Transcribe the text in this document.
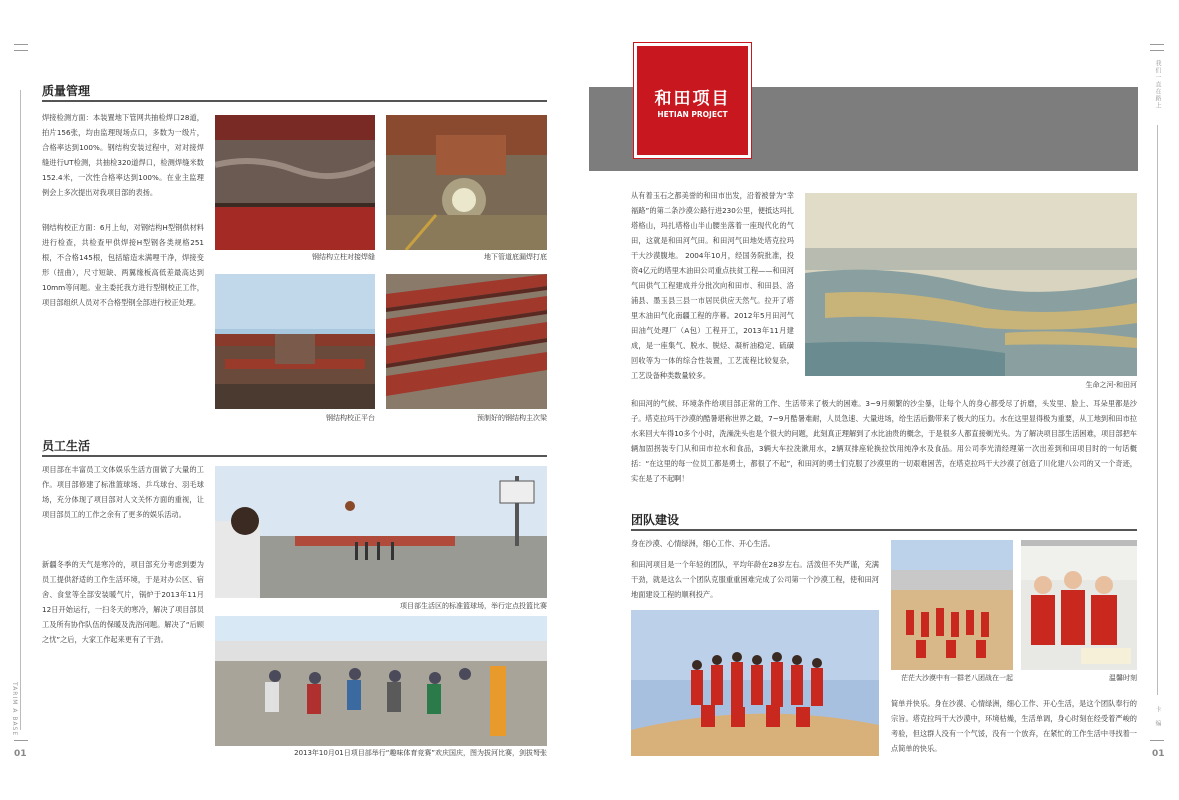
TARIM A BASE
01
质量管理

焊接检测方面：本装置地下管网共抽检焊口28道，拍片156张，均由监理现场点口，多数为一级片，合格率达到100%。钢结构安装过程中，对对接焊缝进行UT检测，共抽检320道焊口，检测焊缝米数152.4米，一次性合格率达到100%。在业主监理例会上多次提出对我项目部的表扬。

钢结构校正方面：6月上旬，对钢结构H型钢供材料进行检查，共检查甲供焊接H型钢各类规格251根，不合格145根，包括缩造未满哩干净，焊接变形（扭曲），尺寸短缺、两翼缘板高低差最高达到10mm等问题。业主委托我方进行型钢校正工作，项目部组织人员对不合格型钢全部进行校正处理。

钢结构立柱对接焊缝	地下管道底漏焊打底
钢结构校正平台	预制好的钢结构主次梁
员工生活

项目部在丰富员工文体娱乐生活方面做了大量的工作。项目部修建了标准篮球场、乒乓球台、羽毛球场，充分体现了项目部对人文关怀方面的重视，让项目部员工的工作之余有了更多的娱乐活动。

新疆冬季的天气是寒冷的，项目部充分考虑到要为员工提供舒适的工作生活环境，于是对办公区、宿舍、食堂等全部安装暖气片，锅炉于2013年11月12日开始运行，一扫冬天的寒冷，解决了项目部员工及所有协作队伍的保暖及洗浴问题。解决了“后顾之忧”之后，大家工作起来更有了干劲。

项目部生活区的标准篮球场，举行定点投篮比赛
2013年10月01日项目部举行“趣味体育竞赛”欢庆国庆，图为拔河比赛，剑拔弩张
和田项目
HETIAN PROJECT
我们一直在路上
卡
编
01

从有着玉石之都美誉的和田市出发，沿着被誉为“幸福路”的第二条沙漠公路行进230公里，便抵达玛扎塔格山，玛扎塔格山半山腰坐落着一座现代化的气田，这就是和田河气田。和田河气田地处塔克拉玛干大沙漠腹地。 2004年10月，经国务院批准，投资4亿元的塔里木油田公司重点扶贫工程——和田河气田供气工程建成并分批次向和田市、和田县、洛浦县、墨玉县三县一市居民供应天然气。拉开了塔里木油田气化南疆工程的序幕。2012年5月田河气田油气处理厂（A包）工程开工，2013年11月建成，是一座集气、脱水、脱烃、凝析油稳定、硫磺回收等为一体的综合性装置，工艺流程比较复杂，工艺设备种类数量较多。

生命之河-和田河

和田河的气候、环境条件给项目部正常的工作、生活带来了极大的困难。3~9月频繁的沙尘暴，让每个人的身心都受尽了折磨，头发里、脸上、耳朵里都是沙子。塔克拉玛干沙漠的酷暑堪称世界之最，7~9月酷暑难耐，人员急速、大量进场，给生活后勤带来了极大的压力。水在这里显得极为重要，从工地到和田市拉水来回大车得10多个小时，洗澡洗头也是个很大的问题，此刻真正理解到了水比油贵的概念，于是很多人都直接剃光头。为了解决项目部生活困难，项目部把车辆加固拐装专门从和田市拉水和食品，3辆大车拉洗漱用水，2辆双排座轮换拉饮用纯净水及食品。用公司李光清经理第一次出差到和田项目时的一句话概括：“在这里的每一位员工都是勇士，都很了不起”，和田河的勇士们克服了沙漠里的一切艰难困苦，在塔克拉玛干大沙漠了创造了川化建八公司的又一个奇迹，实在是了不起啊！

团队建设

身在沙漠、心情绿洲，细心工作、开心生活。

和田河项目是一个年轻的团队，平均年龄在28岁左右。活泼但不失严谨，充满干劲，就是这么一个团队克服重重困难完成了公司第一个沙漠工程，使和田河地面建设工程的顺利投产。

茫茫大沙漠中有一群老八团战在一起	温馨时刻

简单并快乐。身在沙漠、心情绿洲，细心工作、开心生活，是这个团队奉行的宗旨。塔克拉玛干大沙漠中，环境枯燥，生活单调，身心时刻在经受着严峻的考验，但这群人没有一个气馁，没有一个放弃，在紧忙的工作生活中寻找着一点简单的快乐。
